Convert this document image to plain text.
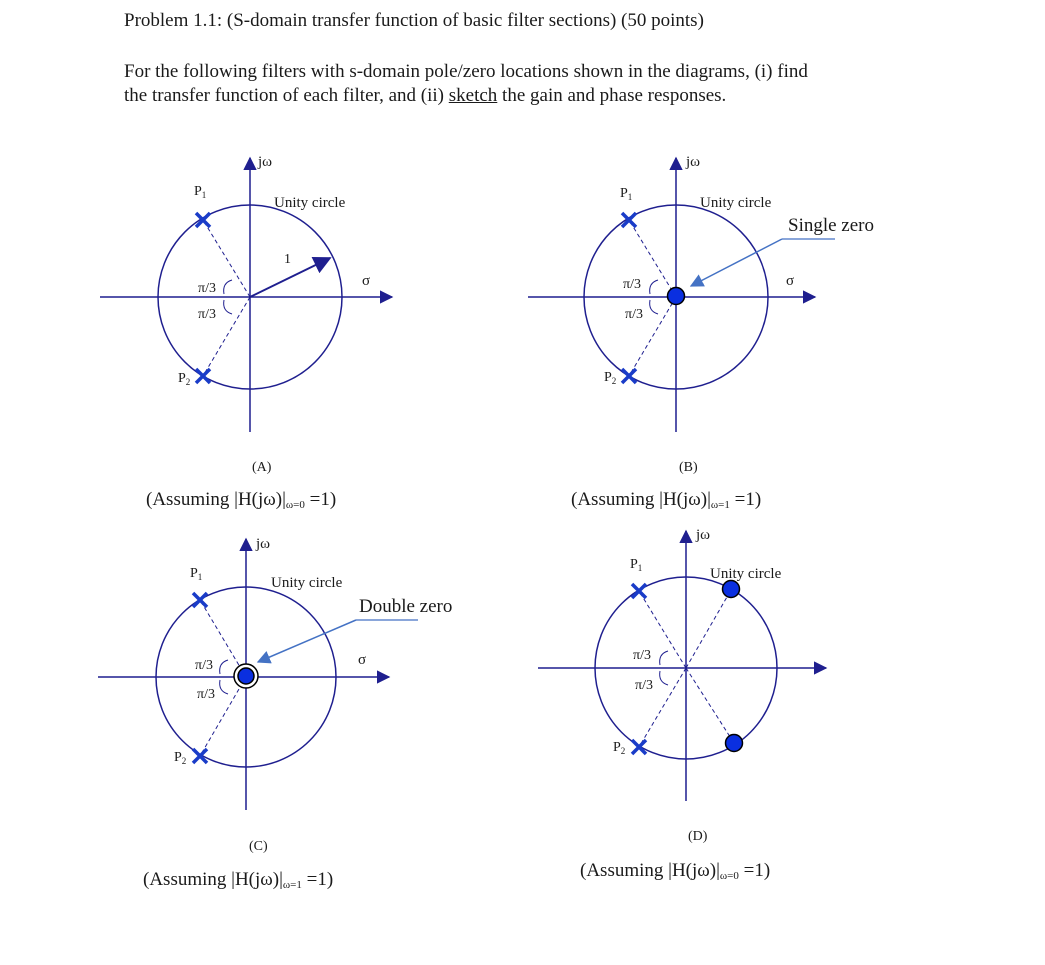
Problem 1.1: (S-domain transfer function of basic filter sections) (50 points)
For the following filters with s-domain pole/zero locations shown in the diagrams, (i) find
the transfer function of each filter, and (ii) sketch the gain and phase responses.
jω
σ
Unity circle
1
$P_1$
$P_2$
π/3
π/3
(A)
(Assuming |H(jω)|ω=0 =1)
jω
σ
Unity circle
Single zero
$P_1$
$P_2$
π/3
π/3
(B)
(Assuming |H(jω)|ω=1 =1)
jω
σ
Unity circle
Double zero
$P_1$
$P_2$
π/3
π/3
(C)
(Assuming |H(jω)|ω=1 =1)
jω
Unity circle
$P_1$
$P_2$
π/3
π/3
(D)
(Assuming |H(jω)|ω=0 =1)
